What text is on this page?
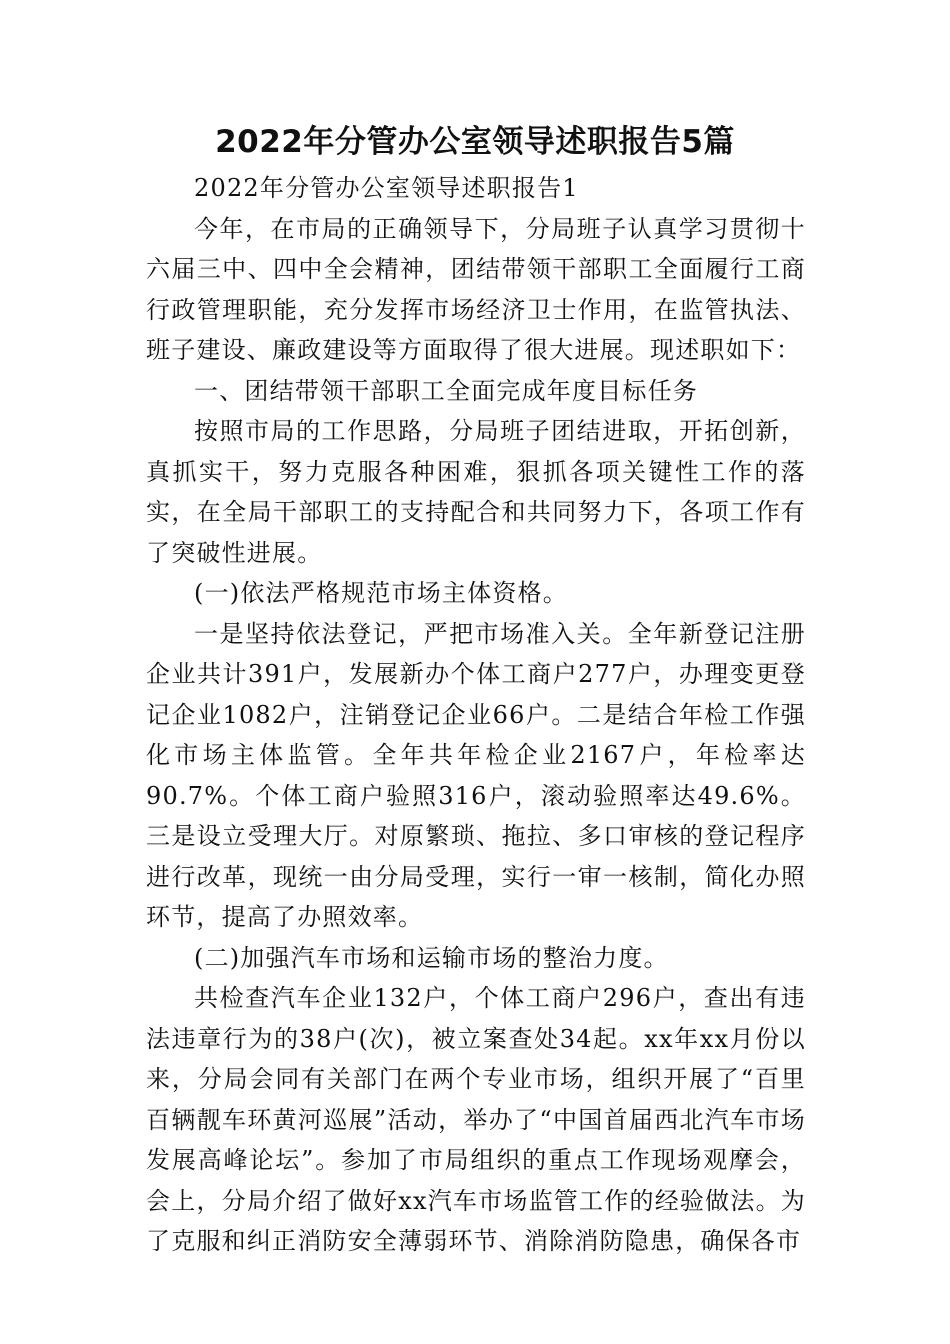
2022年分管办公室领导述职报告5篇

2022年分管办公室领导述职报告1

今年，在市局的正确领导下，分局班子认真学习贯彻十六届三中、四中全会精神，团结带领干部职工全面履行工商行政管理职能，充分发挥市场经济卫士作用，在监管执法、班子建设、廉政建设等方面取得了很大进展。现述职如下：

一、团结带领干部职工全面完成年度目标任务

按照市局的工作思路，分局班子团结进取，开拓创新，真抓实干，努力克服各种困难，狠抓各项关键性工作的落实，在全局干部职工的支持配合和共同努力下，各项工作有了突破性进展。

(一)依法严格规范市场主体资格。

一是坚持依法登记，严把市场准入关。全年新登记注册企业共计391户，发展新办个体工商户277户，办理变更登记企业1082户，注销登记企业66户。二是结合年检工作强化市场主体监管。全年共年检企业2167户，年检率达90.7%。个体工商户验照316户，滚动验照率达49.6%。三是设立受理大厅。对原繁琐、拖拉、多口审核的登记程序进行改革，现统一由分局受理，实行一审一核制，简化办照环节，提高了办照效率。

(二)加强汽车市场和运输市场的整治力度。

共检查汽车企业132户，个体工商户296户，查出有违法违章行为的38户(次)，被立案查处34起。xx年xx月份以来，分局会同有关部门在两个专业市场，组织开展了“百里百辆靓车环黄河巡展”活动，举办了“中国首届西北汽车市场发展高峰论坛”。参加了市局组织的重点工作现场观摩会，会上，分局介绍了做好xx汽车市场监管工作的经验做法。为了克服和纠正消防安全薄弱环节、消除消防隐患，确保各市
